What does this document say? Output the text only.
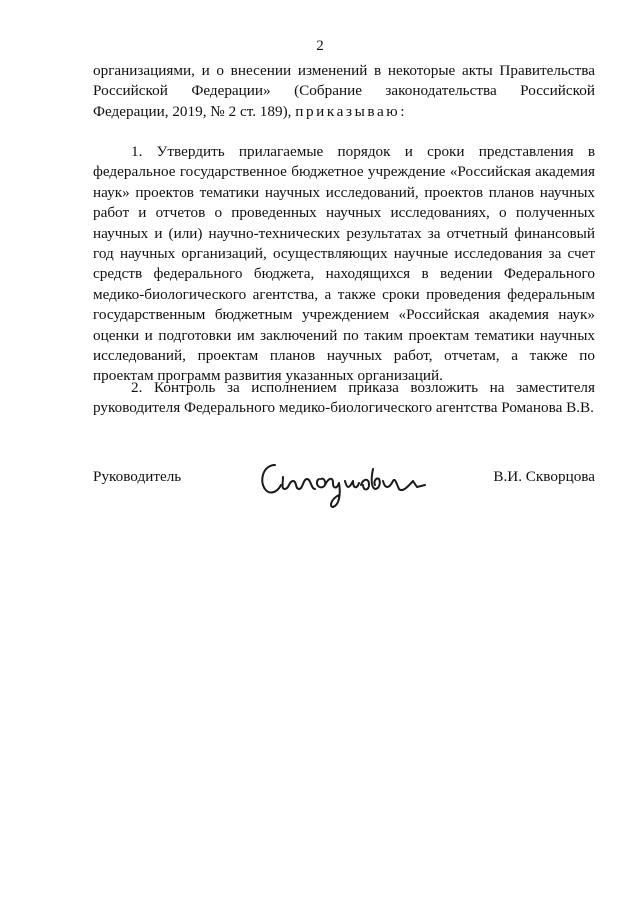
2
организациями, и о внесении изменений в некоторые акты Правительства Российской Федерации» (Собрание законодательства Российской Федерации, 2019, № 2 ст. 189), приказываю:
1. Утвердить прилагаемые порядок и сроки представления в федеральное государственное бюджетное учреждение «Российская академия наук» проектов тематики научных исследований, проектов планов научных работ и отчетов о проведенных научных исследованиях, о полученных научных и (или) научно-технических результатах за отчетный финансовый год научных организаций, осуществляющих научные исследования за счет средств федерального бюджета, находящихся в ведении Федерального медико-биологического агентства, а также сроки проведения федеральным государственным бюджетным учреждением «Российская академия наук» оценки и подготовки им заключений по таким проектам тематики научных исследований, проектам планов научных работ, отчетам, а также по проектам программ развития указанных организаций.
2. Контроль за исполнением приказа возложить на заместителя руководителя Федерального медико-биологического агентства Романова В.В.
Руководитель	В.И. Скворцова
